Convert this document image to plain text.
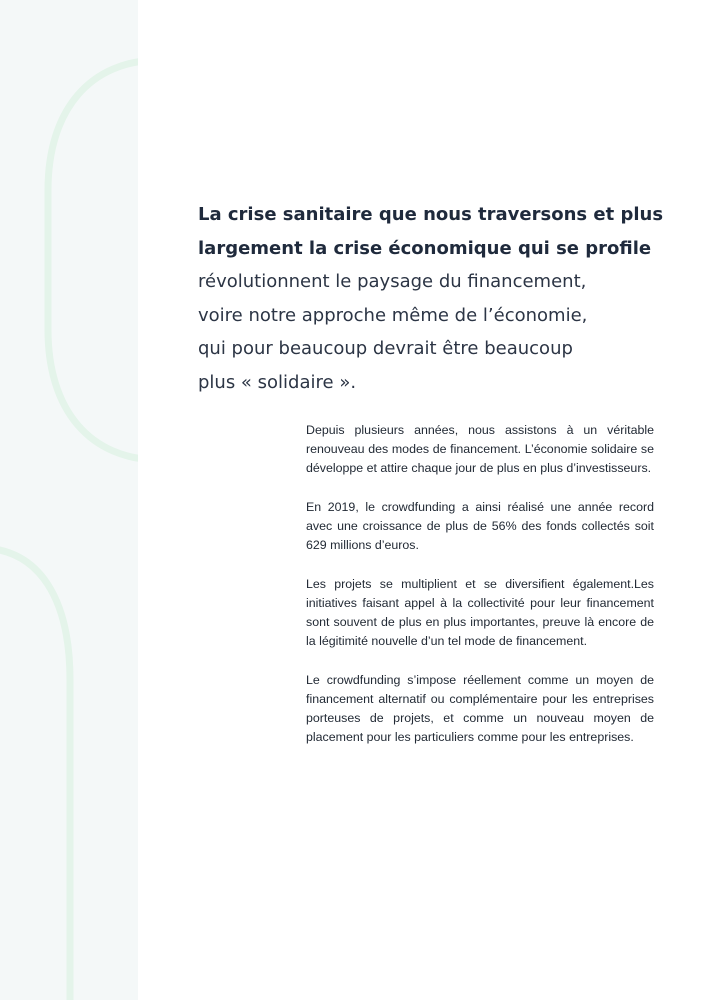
La crise sanitaire que nous traversons et plus
largement la crise économique qui se profile
révolutionnent le paysage du financement,
voire notre approche même de l’économie,
qui pour beaucoup devrait être beaucoup
plus « solidaire ».

Depuis plusieurs années, nous assistons à un véritable renouveau des modes de financement. L’économie solidaire se développe et attire chaque jour de plus en plus d’investisseurs.

En 2019, le crowdfunding a ainsi réalisé une année record avec une croissance de plus de 56% des fonds collectés soit 629 millions d’euros.

Les projets se multiplient et se diversifient également.Les initiatives faisant appel à la collectivité pour leur financement sont souvent de plus en plus importantes, preuve là encore de la légitimité nouvelle d’un tel mode de financement.

Le crowdfunding s’impose réellement comme un moyen de financement alternatif ou complémentaire pour les entreprises porteuses de projets, et comme un nouveau moyen de placement pour les particuliers comme pour les entreprises.
